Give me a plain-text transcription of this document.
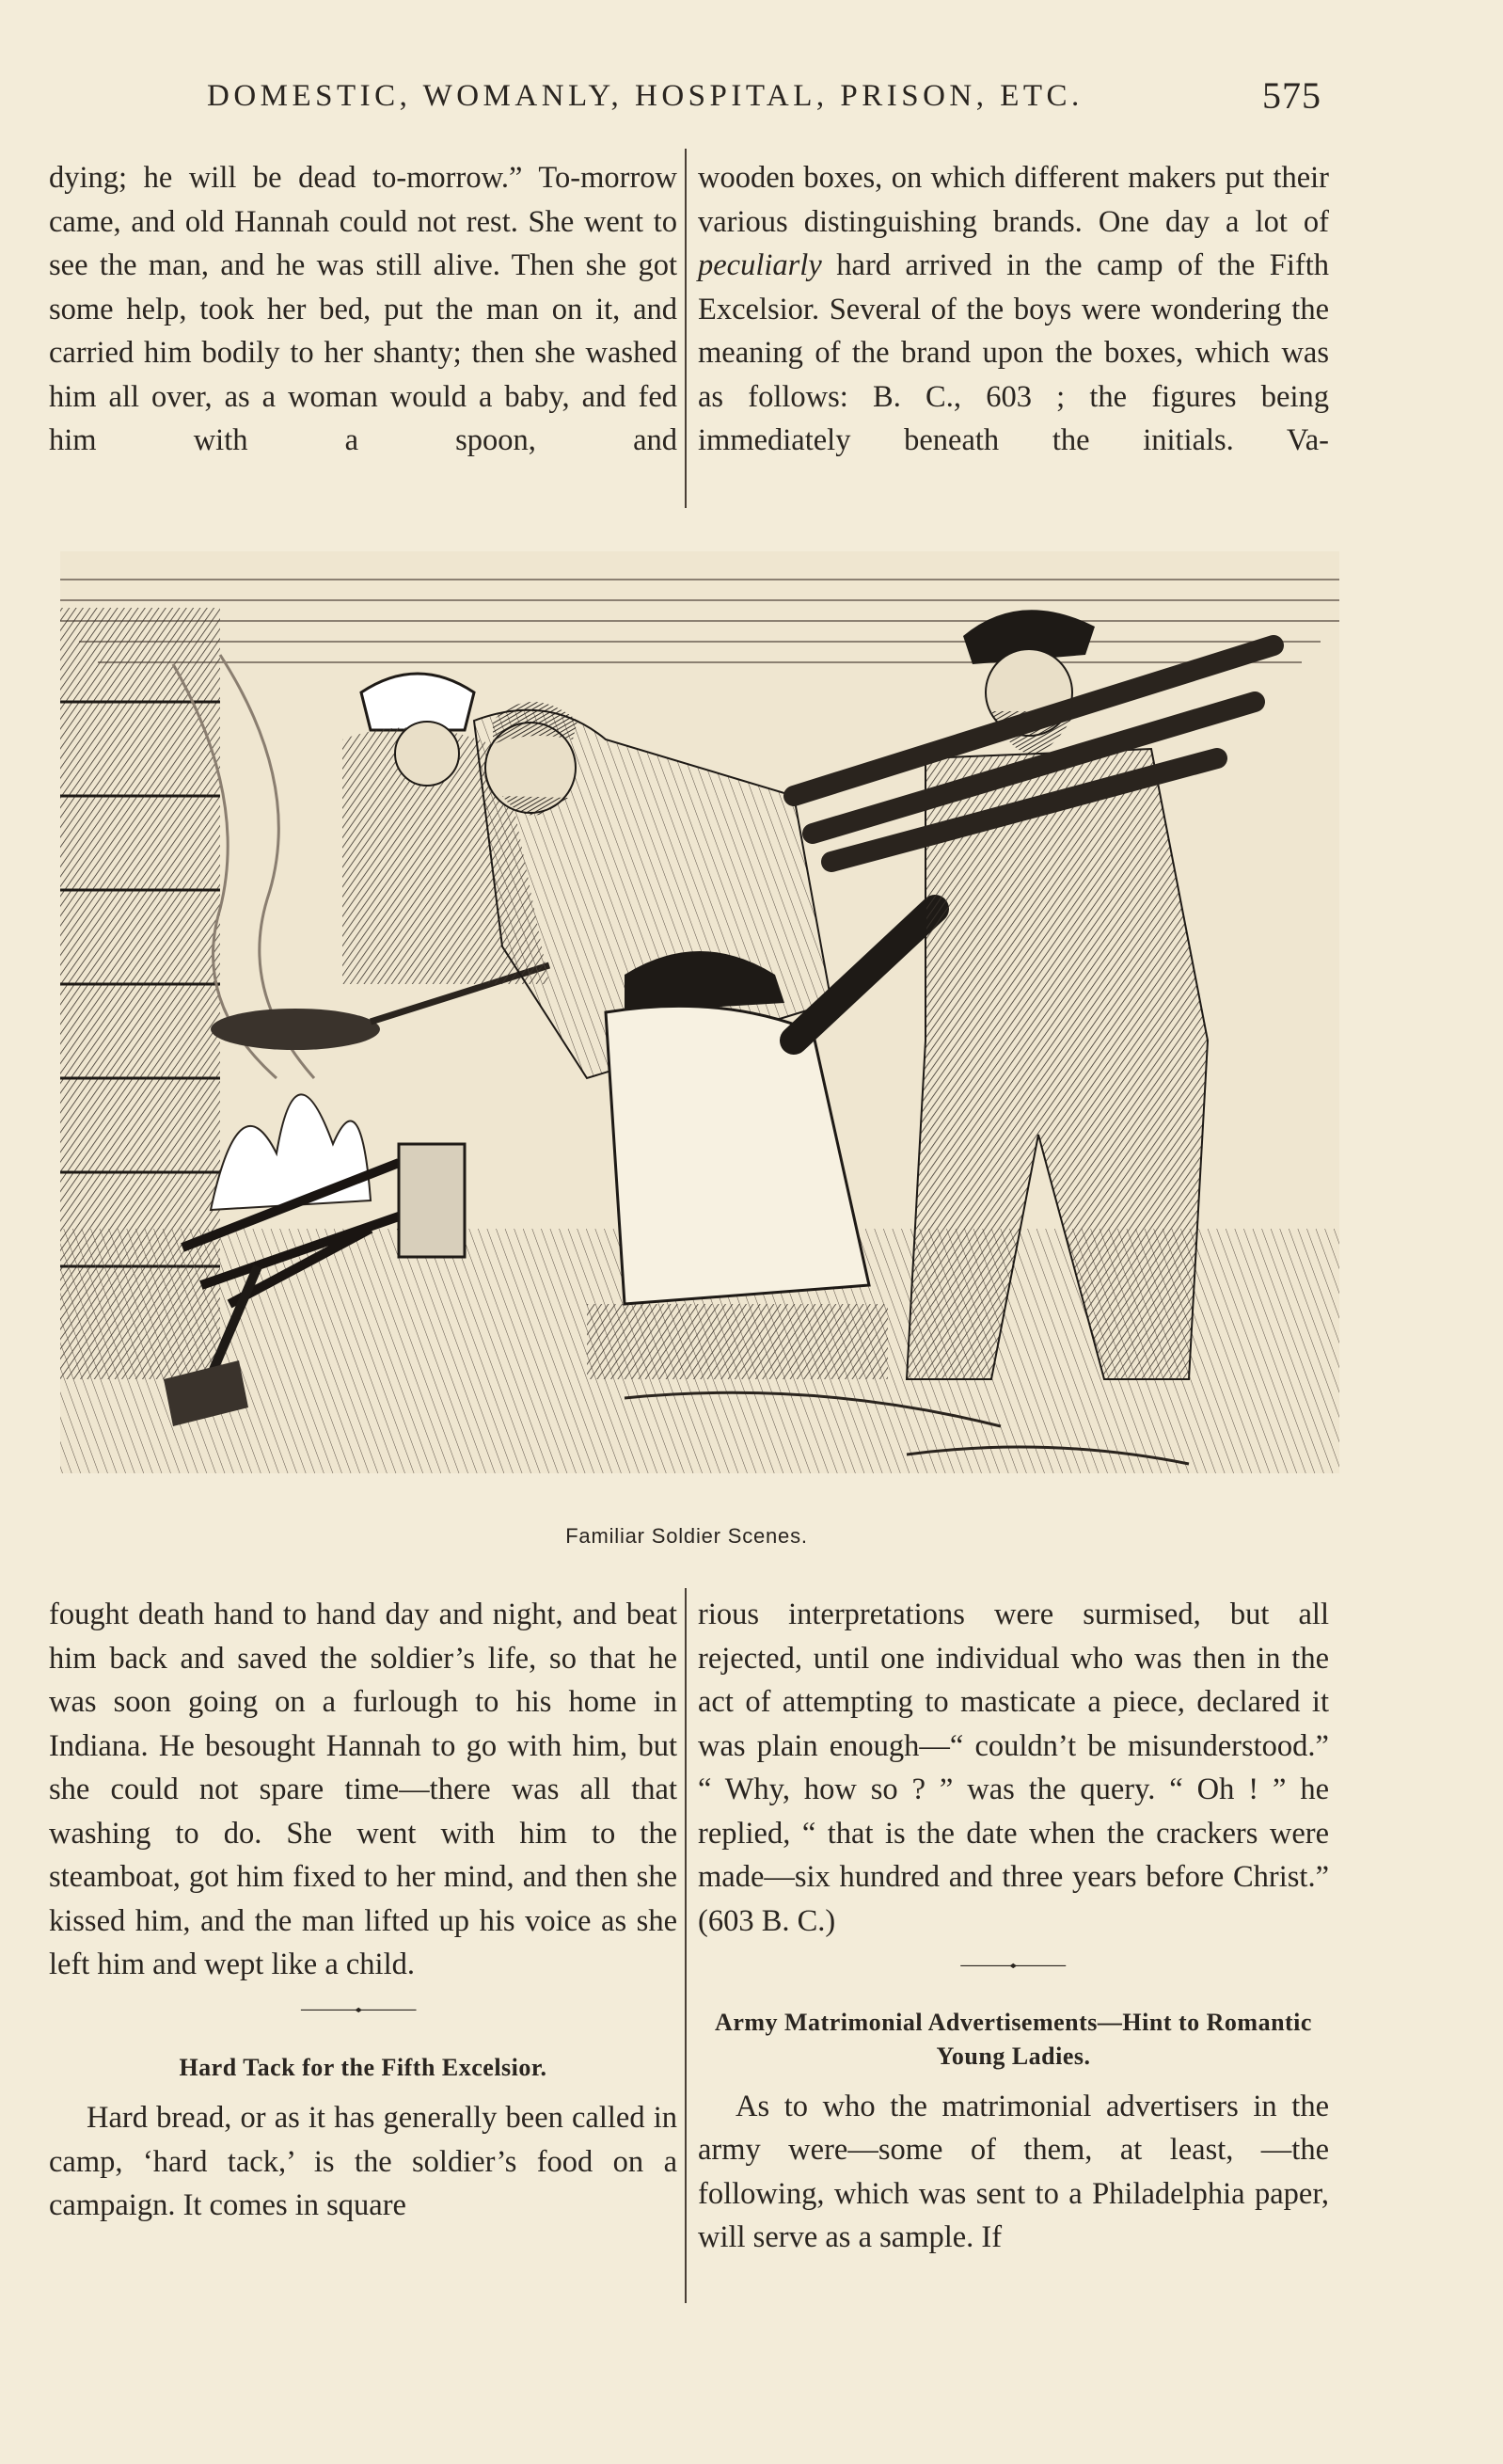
DOMESTIC, WOMANLY, HOSPITAL, PRISON, ETC.	575

dying; he will be dead to-morrow.” To-morrow came, and old Hannah could not rest. She went to see the man, and he was still alive. Then she got some help, took her bed, put the man on it, and carried him bodily to her shanty; then she washed him all over, as a woman would a baby, and fed him with a spoon, and

wooden boxes, on which different makers put their various distinguishing brands. One day a lot of peculiarly hard arrived in the camp of the Fifth Excelsior. Several of the boys were wondering the meaning of the brand upon the boxes, which was as follows: B. C., 603 ; the figures being immediately beneath the initials. Va-

Familiar Soldier Scenes.

fought death hand to hand day and night, and beat him back and saved the soldier’s life, so that he was soon going on a furlough to his home in Indiana. He besought Hannah to go with him, but she could not spare time—there was all that washing to do. She went with him to the steamboat, got him fixed to her mind, and then she kissed him, and the man lifted up his voice as she left him and wept like a child.

Hard Tack for the Fifth Excelsior.

Hard bread, or as it has generally been called in camp, ‘hard tack,’ is the soldier’s food on a campaign. It comes in square

rious interpretations were surmised, but all rejected, until one individual who was then in the act of attempting to masticate a piece, declared it was plain enough—“ couldn’t be misunderstood.” “ Why, how so ? ” was the query. “ Oh ! ” he replied, “ that is the date when the crackers were made—six hundred and three years before Christ.” (603 B. C.)

Army Matrimonial Advertisements—Hint to Romantic Young Ladies.

As to who the matrimonial advertisers in the army were—some of them, at least, —the following, which was sent to a Philadelphia paper, will serve as a sample. If
